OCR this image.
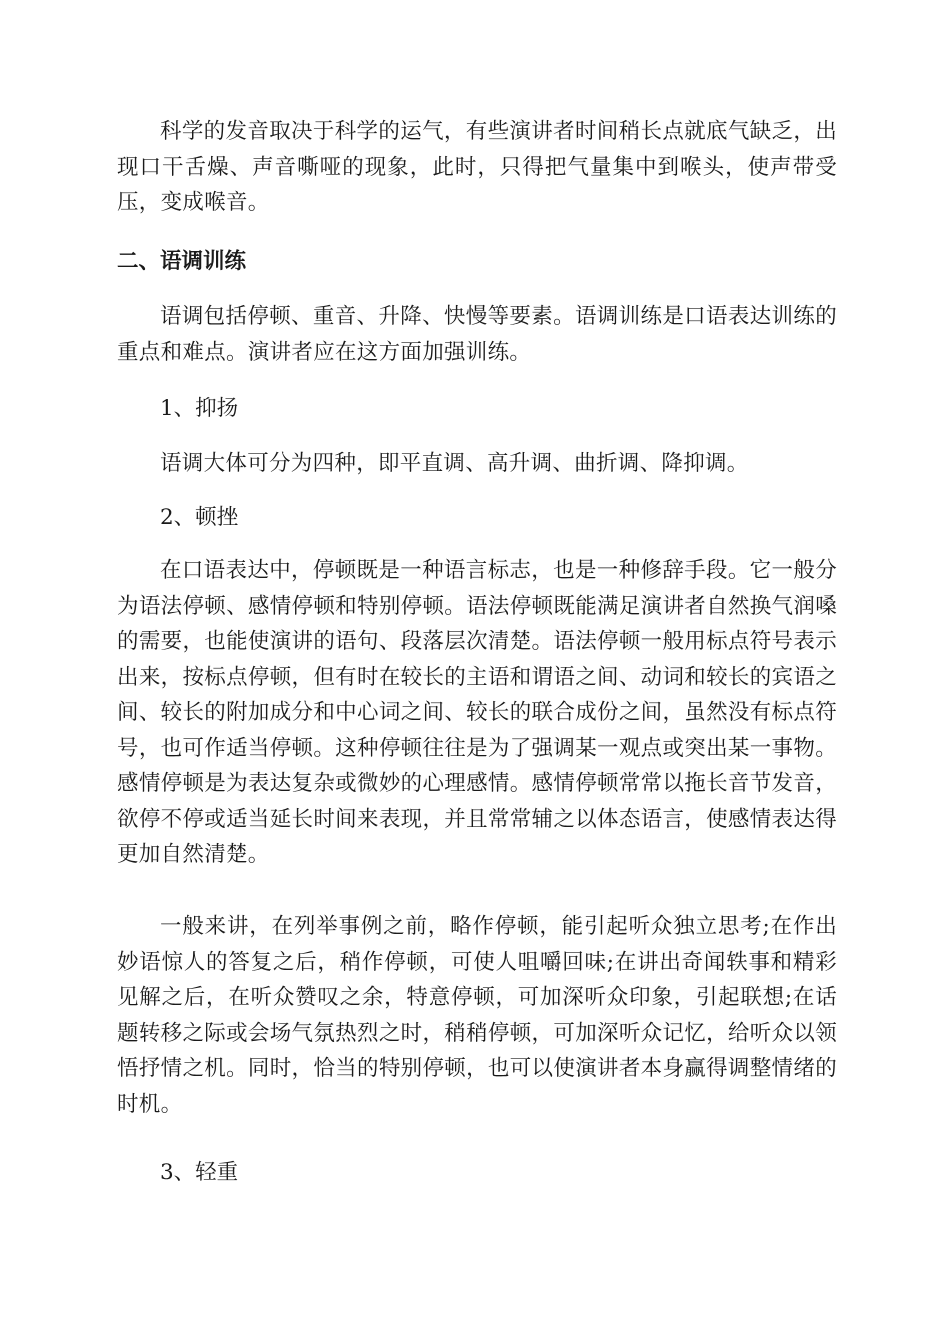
科学的发音取决于科学的运气，有些演讲者时间稍长点就底气缺乏，出现口干舌燥、声音嘶哑的现象，此时，只得把气量集中到喉头，使声带受压，变成喉音。

二、语调训练

语调包括停顿、重音、升降、快慢等要素。语调训练是口语表达训练的重点和难点。演讲者应在这方面加强训练。

1、抑扬

语调大体可分为四种，即平直调、高升调、曲折调、降抑调。

2、顿挫

在口语表达中，停顿既是一种语言标志，也是一种修辞手段。它一般分为语法停顿、感情停顿和特别停顿。语法停顿既能满足演讲者自然换气润嗓的需要，也能使演讲的语句、段落层次清楚。语法停顿一般用标点符号表示出来，按标点停顿，但有时在较长的主语和谓语之间、动词和较长的宾语之间、较长的附加成分和中心词之间、较长的联合成份之间，虽然没有标点符号，也可作适当停顿。这种停顿往往是为了强调某一观点或突出某一事物。感情停顿是为表达复杂或微妙的心理感情。感情停顿常常以拖长音节发音，欲停不停或适当延长时间来表现，并且常常辅之以体态语言，使感情表达得更加自然清楚。

一般来讲，在列举事例之前，略作停顿，能引起听众独立思考;在作出妙语惊人的答复之后，稍作停顿，可使人咀嚼回味;在讲出奇闻轶事和精彩见解之后，在听众赞叹之余，特意停顿，可加深听众印象，引起联想;在话题转移之际或会场气氛热烈之时，稍稍停顿，可加深听众记忆，给听众以领悟抒情之机。同时，恰当的特别停顿，也可以使演讲者本身赢得调整情绪的时机。

3、轻重
